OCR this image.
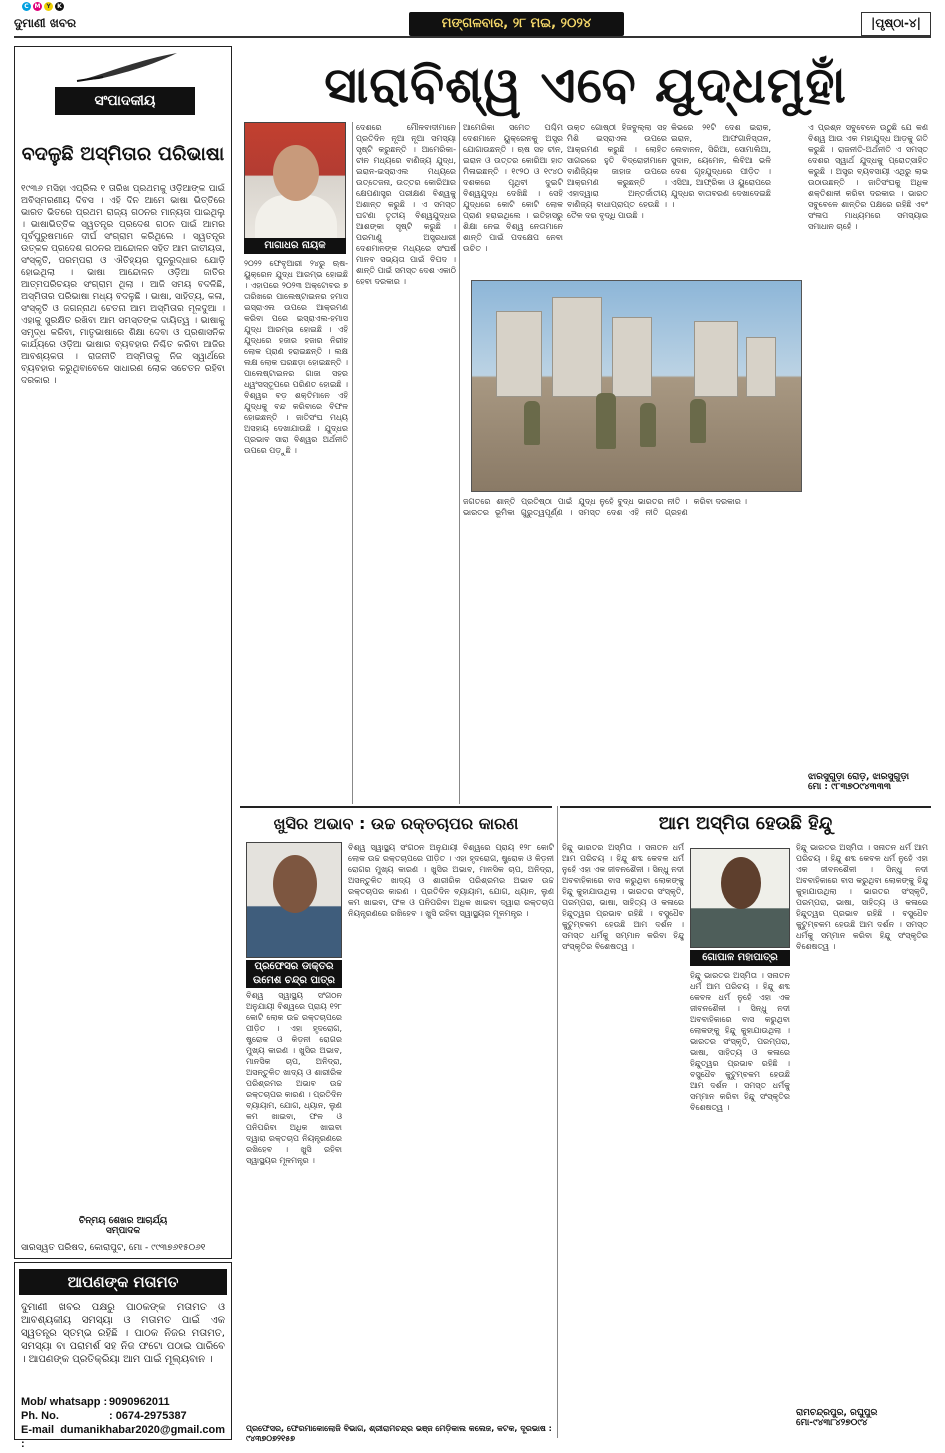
C M Y	K
ଦୁମାଣୀ ଖବର	ମଙ୍ଗଳବାର, ୨୮ ମଇ, ୨୦୨୪	|ପୃଷ୍ଠା-୪|
ସଂପାଦକୀୟ
ବଦଳୁଛି ଅସ୍ମିତାର ପରିଭାଷା
୧୯୩୬ ମସିହା ଏପ୍ରିଲ ୧ ତାରିଖ ପ୍ରଥମକୁ ଓଡ଼ିଆଙ୍କ ପାଇଁ ଅବିସ୍ମରଣୀୟ ଦିବସ । ଏହି ଦିନ ଆମେ ଭାଷା ଭିତ୍ତିରେ ଭାରତ ଭିତରେ ପ୍ରଥମ ରାଜ୍ୟ ଗଠନର ମାନ୍ୟତା ପାଇଥିଲୁ । ଭାଷାଭିତ୍ତିକ ସ୍ୱତନ୍ତ୍ର ପ୍ରଦେଶ ଗଠନ ପାଇଁ ଆମର ପୂର୍ବପୁରୁଷମାନେ ଦୀର୍ଘ ସଂଗ୍ରାମ କରିଥିଲେ । ସ୍ୱତନ୍ତ୍ର ଉତ୍କଳ ପ୍ରଦେଶ ଗଠନର ଆନ୍ଦୋଳନ ସହିତ ଆମ ଜାତୀୟତା, ସଂସ୍କୃତି, ପରମ୍ପରା ଓ ଐତିହ୍ୟର ପୁନରୁଦ୍ଧାର ଯୋଡ଼ି ହୋଇଥିଲା । ଭାଷା ଆନ୍ଦୋଳନ ଓଡ଼ିଆ ଜାତିର ଆତ୍ମପରିଚୟର ସଂଗ୍ରାମ ଥିଲା । ଆଜି ସମୟ ବଦଳିଛି, ଅସ୍ମିତାର ପରିଭାଷା ମଧ୍ୟ ବଦଳୁଛି । ଭାଷା, ସାହିତ୍ୟ, କଳା, ସଂସ୍କୃତି ଓ ଜଗନ୍ନାଥ ଚେତନା ଆମ ଅସ୍ମିତାର ମୂଳଦୁଆ । ଏହାକୁ ସୁରକ୍ଷିତ ରଖିବା ଆମ ସମସ୍ତଙ୍କ ଦାୟିତ୍ୱ । ଭାଷାକୁ ସମୃଦ୍ଧ କରିବା, ମାତୃଭାଷାରେ ଶିକ୍ଷା ଦେବା ଓ ପ୍ରଶାସନିକ କାର୍ଯ୍ୟରେ ଓଡ଼ିଆ ଭାଷାର ବ୍ୟବହାର ନିଶ୍ଚିତ କରିବା ଆଜିର ଆବଶ୍ୟକତା । ରାଜନୀତି ଅସ୍ମିତାକୁ ନିଜ ସ୍ୱାର୍ଥରେ ବ୍ୟବହାର କରୁଥିବାବେଳେ ସାଧାରଣ ଲୋକ ସଚେତନ ରହିବା ଦରକାର ।
ଚିନ୍ମୟ ଶେଖର ଆଚାର୍ଯ୍ୟ
ସମ୍ପାଦକ
ସାରସ୍ୱତ ପରିଷଦ, କୋରାପୁଟ, ମୋ - ୯୯୩୭୬୧୫୦୬୧
ଆପଣଙ୍କ ମତାମତ
ଦୁମାଣୀ ଖବର ପକ୍ଷରୁ ପାଠକଙ୍କ ମତାମତ ଓ ଆବଶ୍ୟକୀୟ ସମସ୍ୟା ଓ ମତାମତ ପାଇଁ ଏକ ସ୍ୱତନ୍ତ୍ର ସ୍ତମ୍ଭ ରହିଛି । ପାଠକ ନିଜର ମତାମତ, ସମସ୍ୟା ବା ପରାମର୍ଶ ସହ ନିଜ ଫଟୋ ପଠାଇ ପାରିବେ । ଆପଣଙ୍କ ପ୍ରତିକ୍ରିୟା ଆମ ପାଇଁ ମୂଲ୍ୟବାନ ।
Mob/ whatsapp : 9090962011
Ph. No.	: 0674-2975387
E-mail :
dumanikhabar2020@gmail.com
ସାରାବିଶ୍ୱ ଏବେ ଯୁଦ୍ଧମୁହାଁ
ମାଗାଧର ନାୟକ
୨୦୨୨ ଫେବୃଆରୀ ୨୪ରୁ ଋଷ-ୟୁକ୍ରେନ ଯୁଦ୍ଧ ଆରମ୍ଭ ହୋଇଛି । ଏହାପରେ ୨୦୨୩ ଅକ୍ଟୋବର ୭ ତାରିଖରେ ପାଲେଷ୍ଟାଇନର ହମାସ ଇସ୍ରାଏଲ ଉପରେ ଆକ୍ରମଣ କରିବା ପରେ ଇସ୍ରାଏଲ-ହମାସ ଯୁଦ୍ଧ ଆରମ୍ଭ ହୋଇଛି । ଏହି ଯୁଦ୍ଧରେ ହଜାର ହଜାର ନିରୀହ ଲୋକ ପ୍ରାଣ ହରାଇଛନ୍ତି । ଲକ୍ଷ ଲକ୍ଷ ଲୋକ ଘରଛଡ଼ା ହୋଇଛନ୍ତି । ପାଲେଷ୍ଟାଇନର ଗାଜା ସହର ଧ୍ୱଂସସ୍ତୂପରେ ପରିଣତ ହୋଇଛି । ବିଶ୍ୱର ବଡ଼ ଶକ୍ତିମାନେ ଏହି ଯୁଦ୍ଧକୁ ବନ୍ଦ କରିବାରେ ବିଫଳ ହୋଇଛନ୍ତି । ଜାତିସଂଘ ମଧ୍ୟ ଅସହାୟ ଦେଖାଯାଉଛି । ଯୁଦ୍ଧର ପ୍ରଭାବ ସାରା ବିଶ୍ୱର ଅର୍ଥନୀତି ଉପରେ ପଡ଼ୁଛି ।
ଦେଶରେ ମୌଳବାଦୀମାନେ ପ୍ରତିଦିନ ନୂଆ ନୂଆ ସମସ୍ୟା ସୃଷ୍ଟି କରୁଛନ୍ତି । ଆମେରିକା-ଚୀନ ମଧ୍ୟରେ ବାଣିଜ୍ୟ ଯୁଦ୍ଧ, ଇରାନ-ଇସ୍ରାଏଲ ମଧ୍ୟରେ ଉତ୍ତେଜନା, ଉତ୍ତର କୋରିଆର କ୍ଷେପଣାସ୍ତ୍ର ପରୀକ୍ଷଣ ବିଶ୍ୱକୁ ଅଶାନ୍ତ କରୁଛି । ଏ ସମସ୍ତ ଘଟଣା ତୃତୀୟ ବିଶ୍ୱଯୁଦ୍ଧର ଆଶଙ୍କା ସୃଷ୍ଟି କରୁଛି । ପରମାଣୁ ଅସ୍ତ୍ରଧାରୀ ଦେଶମାନଙ୍କ ମଧ୍ୟରେ ସଂଘର୍ଷ ମାନବ ସଭ୍ୟତା ପାଇଁ ବିପଦ । ଶାନ୍ତି ପାଇଁ ସମସ୍ତ ଦେଶ ଏକାଠି ହେବା ଦରକାର ।
ଆମେରିକା ସମେତ ପଶ୍ଚିମ ଦେଶମାନେ ୟୁକ୍ରେନକୁ ଅସ୍ତ୍ର ଯୋଗାଉଛନ୍ତି । ଋଷ ସହ ଚୀନ, ଇରାନ ଓ ଉତ୍ତର କୋରିଆ ହାତ ମିଳାଇଛନ୍ତି । ୧୯୨୦ ଓ ୧୯୪୦ ଦଶକରେ ପୃଥିବୀ ଦୁଇଟି ବିଶ୍ୱଯୁଦ୍ଧ ଦେଖିଛି । ସେହି ଯୁଦ୍ଧରେ କୋଟି କୋଟି ଲୋକ ପ୍ରାଣ ହରାଇଥିଲେ । ଇତିହାସରୁ ଶିକ୍ଷା ନେଇ ବିଶ୍ୱ ନେତାମାନେ ଶାନ୍ତି ପାଇଁ ପଦକ୍ଷେପ ନେବା ଉଚିତ ।
ଉକ୍ତ ଗୋଷ୍ଠୀ ହିଜବୁଲ୍ଲା ସହ ମିଶି ଇସ୍ରାଏଲ ଉପରେ ଆକ୍ରମଣ କରୁଛି । ଲୋହିତ ସାଗରରେ ହୁତି ବିଦ୍ରୋହୀମାନେ ବାଣିଜ୍ୟିକ ଜାହାଜ ଉପରେ ଆକ୍ରମଣ କରୁଛନ୍ତି । ଏହାଦ୍ୱାରା ଅନ୍ତର୍ଜାତୀୟ ବାଣିଜ୍ୟ ବାଧାପ୍ରାପ୍ତ ହେଉଛି । ତୈଳ ଦର ବୃଦ୍ଧି ପାଉଛି ।
କିଭରେ ୨୧ଟି ଦେଶ ଇରାକ, ଇରାନ, ଆଫଗାନିସ୍ତାନ, ଲେବାନନ, ସିରିଆ, ସୋମାଲିଆ, ସୁଦାନ, ୟେମେନ, ଲିବିଆ ଭଳି ଦେଶ ଗୃହଯୁଦ୍ଧରେ ପୀଡ଼ିତ । ଏସିଆ, ଆଫ୍ରିକା ଓ ୟୁରୋପରେ ଯୁଦ୍ଧର ବାତାବରଣ ଦେଖାଦେଇଛି ।
ଏ ପ୍ରଶ୍ନ ସବୁବେଳେ ଉଠୁଛି ଯେ କଣ ବିଶ୍ୱ ଆଉ ଏକ ମହାଯୁଦ୍ଧ ଆଡ଼କୁ ଗତି କରୁଛି । ରାଜନୀତି-ଅର୍ଥନୀତି ଏ ସମସ୍ତ ଦେଶର ସ୍ୱାର୍ଥ ଯୁଦ୍ଧକୁ ପ୍ରୋତ୍ସାହିତ କରୁଛି । ଅସ୍ତ୍ର ବ୍ୟବସାୟୀ ଏଥିରୁ ଲାଭ ଉଠାଉଛନ୍ତି । ଜାତିସଂଘକୁ ଅଧିକ ଶକ୍ତିଶାଳୀ କରିବା ଦରକାର । ଭାରତ ସବୁବେଳେ ଶାନ୍ତିର ପକ୍ଷରେ ରହିଛି ଏବଂ ସଂଳାପ ମାଧ୍ୟମରେ ସମସ୍ୟାର ସମାଧାନ ଚାହେଁ ।
ଜଗତରେ ଶାନ୍ତି ପ୍ରତିଷ୍ଠା ପାଇଁ ଭାରତର ଭୂମିକା ଗୁରୁତ୍ୱପୂର୍ଣ୍ଣ । ଯୁଦ୍ଧ ନୁହେଁ ବୁଦ୍ଧ ଭାରତର ନୀତି । ସମସ୍ତ ଦେଶ ଏହି ନୀତି ଗ୍ରହଣ କରିବା ଦରକାର ।
ଝାରସୁଗୁଡ଼ା ରୋଡ଼, ଝାରସୁଗୁଡ଼ା
ମୋ : ୯୮୩୭୦୯୪୩୩୩
ଖୁସିର ଅଭାବ : ଉଚ୍ଚ ରକ୍ତଚାପର କାରଣ
ପ୍ରଫେସର ଡାକ୍ତର ଉମେଶ ଚନ୍ଦ୍ର ପାତ୍ର
ବିଶ୍ୱ ସ୍ୱାସ୍ଥ୍ୟ ସଂଗଠନ ଅନୁଯାୟୀ ବିଶ୍ୱରେ ପ୍ରାୟ ୧୨୮ କୋଟି ଲୋକ ଉଚ୍ଚ ରକ୍ତଚାପରେ ପୀଡ଼ିତ । ଏହା ହୃଦରୋଗ, ଷ୍ଟ୍ରୋକ ଓ କିଡ଼ନୀ ରୋଗର ମୁଖ୍ୟ କାରଣ । ଖୁସିର ଅଭାବ, ମାନସିକ ଚାପ, ଅନିଦ୍ରା, ଅସନ୍ତୁଳିତ ଖାଦ୍ୟ ଓ ଶାରୀରିକ ପରିଶ୍ରମର ଅଭାବ ଉଚ୍ଚ ରକ୍ତଚାପର କାରଣ । ପ୍ରତିଦିନ ବ୍ୟାୟାମ, ଯୋଗ, ଧ୍ୟାନ, ଲୁଣ କମ ଖାଇବା, ଫଳ ଓ ପନିପରିବା ଅଧିକ ଖାଇବା ଦ୍ୱାରା ରକ୍ତଚାପ ନିୟନ୍ତ୍ରଣରେ ରଖିହେବ । ଖୁସି ରହିବା ସ୍ୱାସ୍ଥ୍ୟର ମୂଳମନ୍ତ୍ର ।
ବିଶ୍ୱ ସ୍ୱାସ୍ଥ୍ୟ ସଂଗଠନ ଅନୁଯାୟୀ ବିଶ୍ୱରେ ପ୍ରାୟ ୧୨୮ କୋଟି ଲୋକ ଉଚ୍ଚ ରକ୍ତଚାପରେ ପୀଡ଼ିତ । ଏହା ହୃଦରୋଗ, ଷ୍ଟ୍ରୋକ ଓ କିଡ଼ନୀ ରୋଗର ମୁଖ୍ୟ କାରଣ । ଖୁସିର ଅଭାବ, ମାନସିକ ଚାପ, ଅନିଦ୍ରା, ଅସନ୍ତୁଳିତ ଖାଦ୍ୟ ଓ ଶାରୀରିକ ପରିଶ୍ରମର ଅଭାବ ଉଚ୍ଚ ରକ୍ତଚାପର କାରଣ । ପ୍ରତିଦିନ ବ୍ୟାୟାମ, ଯୋଗ, ଧ୍ୟାନ, ଲୁଣ କମ ଖାଇବା, ଫଳ ଓ ପନିପରିବା ଅଧିକ ଖାଇବା ଦ୍ୱାରା ରକ୍ତଚାପ ନିୟନ୍ତ୍ରଣରେ ରଖିହେବ । ଖୁସି ରହିବା ସ୍ୱାସ୍ଥ୍ୟର ମୂଳମନ୍ତ୍ର ।
ପ୍ରଫେସର, ଫେରମାକୋଲୋଜି ବିଭାଗ, ଶ୍ରୀରାମଚନ୍ଦ୍ର ଭଞ୍ଜ ମେଡ଼ିକାଲ କଲେଜ, କଟକ, ଦୂରଭାଷ : ୯୪୩୭୦୭୨୧୫୭
ଆମ ଅସ୍ମିତା ହେଉଛି ହିନ୍ଦୁ
ହିନ୍ଦୁ ଭାରତର ଅସ୍ମିତା । ସନାତନ ଧର୍ମ ଆମ ପରିଚୟ । ହିନ୍ଦୁ ଶବ୍ଦ କେବଳ ଧର୍ମ ନୁହେଁ ଏହା ଏକ ଜୀବନଶୈଳୀ । ସିନ୍ଧୁ ନଦୀ ଅବବାହିକାରେ ବାସ କରୁଥିବା ଲୋକଙ୍କୁ ହିନ୍ଦୁ କୁହାଯାଉଥିଲା । ଭାରତର ସଂସ୍କୃତି, ପରମ୍ପରା, ଭାଷା, ସାହିତ୍ୟ ଓ କଳାରେ ହିନ୍ଦୁତ୍ୱର ପ୍ରଭାବ ରହିଛି । ବସୁଧୈବ କୁଟୁମ୍ବକମ ହେଉଛି ଆମ ଦର୍ଶନ । ସମସ୍ତ ଧର୍ମକୁ ସମ୍ମାନ କରିବା ହିନ୍ଦୁ ସଂସ୍କୃତିର ବିଶେଷତ୍ୱ ।
ଗୋପାଳ ମହାପାତ୍ର
ହିନ୍ଦୁ ଭାରତର ଅସ୍ମିତା । ସନାତନ ଧର୍ମ ଆମ ପରିଚୟ । ହିନ୍ଦୁ ଶବ୍ଦ କେବଳ ଧର୍ମ ନୁହେଁ ଏହା ଏକ ଜୀବନଶୈଳୀ । ସିନ୍ଧୁ ନଦୀ ଅବବାହିକାରେ ବାସ କରୁଥିବା ଲୋକଙ୍କୁ ହିନ୍ଦୁ କୁହାଯାଉଥିଲା । ଭାରତର ସଂସ୍କୃତି, ପରମ୍ପରା, ଭାଷା, ସାହିତ୍ୟ ଓ କଳାରେ ହିନ୍ଦୁତ୍ୱର ପ୍ରଭାବ ରହିଛି । ବସୁଧୈବ କୁଟୁମ୍ବକମ ହେଉଛି ଆମ ଦର୍ଶନ । ସମସ୍ତ ଧର୍ମକୁ ସମ୍ମାନ କରିବା ହିନ୍ଦୁ ସଂସ୍କୃତିର ବିଶେଷତ୍ୱ ।
ହିନ୍ଦୁ ଭାରତର ଅସ୍ମିତା । ସନାତନ ଧର୍ମ ଆମ ପରିଚୟ । ହିନ୍ଦୁ ଶବ୍ଦ କେବଳ ଧର୍ମ ନୁହେଁ ଏହା ଏକ ଜୀବନଶୈଳୀ । ସିନ୍ଧୁ ନଦୀ ଅବବାହିକାରେ ବାସ କରୁଥିବା ଲୋକଙ୍କୁ ହିନ୍ଦୁ କୁହାଯାଉଥିଲା । ଭାରତର ସଂସ୍କୃତି, ପରମ୍ପରା, ଭାଷା, ସାହିତ୍ୟ ଓ କଳାରେ ହିନ୍ଦୁତ୍ୱର ପ୍ରଭାବ ରହିଛି । ବସୁଧୈବ କୁଟୁମ୍ବକମ ହେଉଛି ଆମ ଦର୍ଶନ । ସମସ୍ତ ଧର୍ମକୁ ସମ୍ମାନ କରିବା ହିନ୍ଦୁ ସଂସ୍କୃତିର ବିଶେଷତ୍ୱ ।
ରାମଚନ୍ଦ୍ରପୁର, ରଘୁପୁର
ମୋ-୯୪୩୮୪୨୭୦୯୪
